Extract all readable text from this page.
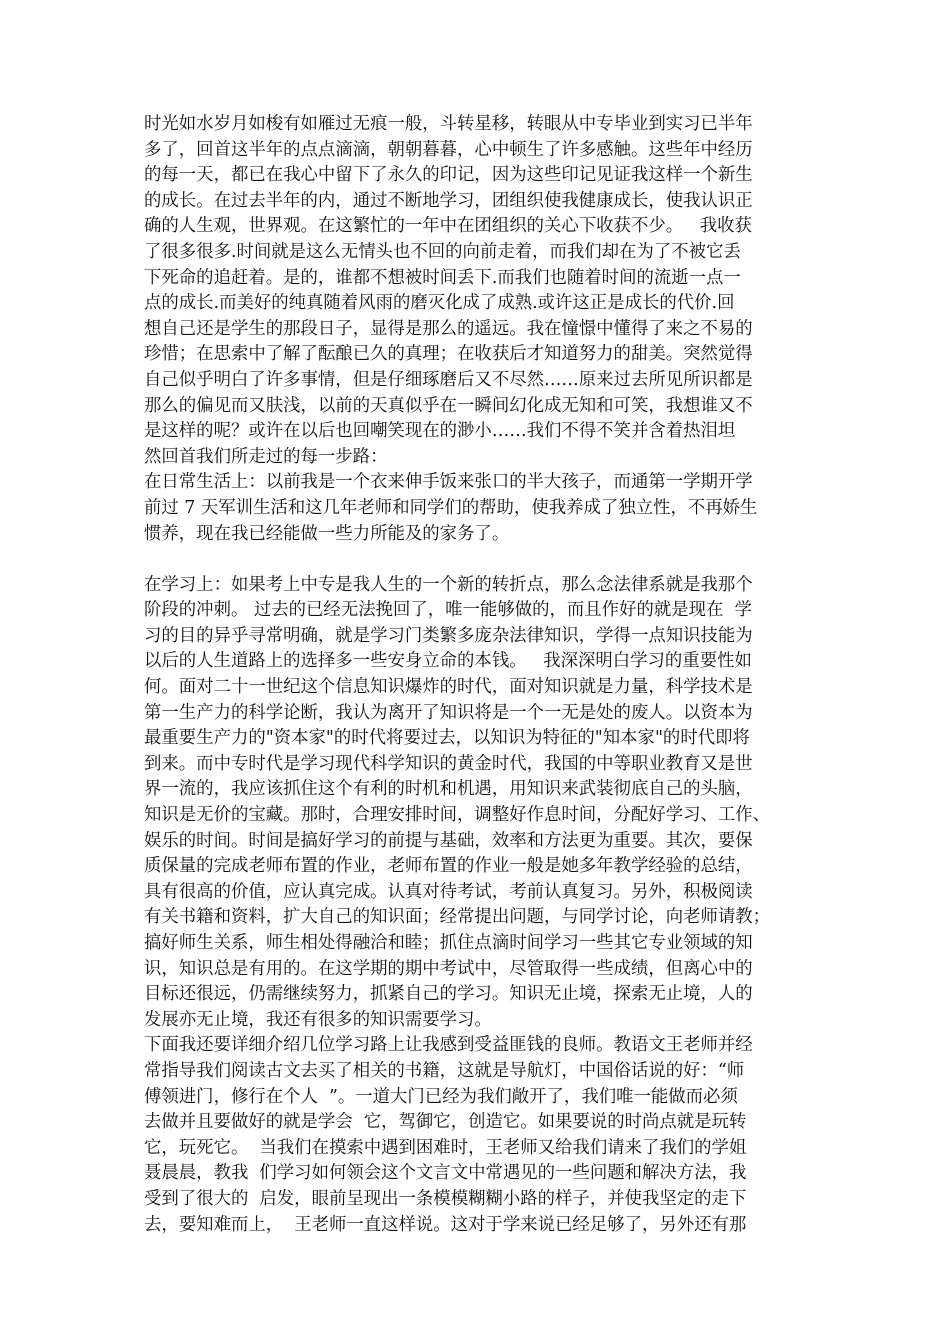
时光如水岁月如梭有如雁过无痕一般，斗转星移，转眼从中专毕业到实习已半年
多了，回首这半年的点点滴滴，朝朝暮暮，心中顿生了许多感触。这些年中经历
的每一天，都已在我心中留下了永久的印记，因为这些印记见证我这样一个新生
的成长。在过去半年的内，通过不断地学习，团组织使我健康成长，使我认识正
确的人生观，世界观。在这繁忙的一年中在团组织的关心下收获不少。   我收获
了很多很多.时间就是这么无情头也不回的向前走着，而我们却在为了不被它丢
下死命的追赶着。是的，谁都不想被时间丢下.而我们也随着时间的流逝一点一
点的成长.而美好的纯真随着风雨的磨灭化成了成熟.或许这正是成长的代价.回
想自己还是学生的那段日子，显得是那么的遥远。我在憧憬中懂得了来之不易的
珍惜；在思索中了解了酝酿已久的真理；在收获后才知道努力的甜美。突然觉得
自己似乎明白了许多事情，但是仔细琢磨后又不尽然……原来过去所见所识都是
那么的偏见而又肤浅，以前的天真似乎在一瞬间幻化成无知和可笑，我想谁又不
是这样的呢？或许在以后也回嘲笑现在的渺小……我们不得不笑并含着热泪坦
然回首我们所走过的每一步路：
在日常生活上：以前我是一个衣来伸手饭来张口的半大孩子，而通第一学期开学
前过 7 天军训生活和这几年老师和同学们的帮助，使我养成了独立性，不再娇生
惯养，现在我已经能做一些力所能及的家务了。
在学习上：如果考上中专是我人生的一个新的转折点，那么念法律系就是我那个
阶段的冲刺。 过去的已经无法挽回了，唯一能够做的，而且作好的就是现在  学
习的目的异乎寻常明确，就是学习门类繁多庞杂法律知识，学得一点知识技能为
以后的人生道路上的选择多一些安身立命的本钱。   我深深明白学习的重要性如
何。面对二十一世纪这个信息知识爆炸的时代，面对知识就是力量，科学技术是
第一生产力的科学论断，我认为离开了知识将是一个一无是处的废人。以资本为
最重要生产力的"资本家"的时代将要过去，以知识为特征的"知本家"的时代即将
到来。而中专时代是学习现代科学知识的黄金时代，我国的中等职业教育又是世
界一流的，我应该抓住这个有利的时机和机遇，用知识来武装彻底自己的头脑，
知识是无价的宝藏。那时，合理安排时间，调整好作息时间，分配好学习、工作、
娱乐的时间。时间是搞好学习的前提与基础，效率和方法更为重要。其次，要保
质保量的完成老师布置的作业，老师布置的作业一般是她多年教学经验的总结，
具有很高的价值，应认真完成。认真对待考试，考前认真复习。另外，积极阅读
有关书籍和资料，扩大自己的知识面；经常提出问题，与同学讨论，向老师请教；
搞好师生关系，师生相处得融洽和睦；抓住点滴时间学习一些其它专业领域的知
识，知识总是有用的。在这学期的期中考试中，尽管取得一些成绩，但离心中的
目标还很远，仍需继续努力，抓紧自己的学习。知识无止境，探索无止境，人的
发展亦无止境，我还有很多的知识需要学习。
下面我还要详细介绍几位学习路上让我感到受益匪钱的良师。教语文王老师并经
常指导我们阅读古文去买了相关的书籍，这就是导航灯，中国俗话说的好：“师
傅领进门，修行在个人  ”。一道大门已经为我们敞开了，我们唯一能做而必须
去做并且要做好的就是学会  它，驾御它，创造它。如果要说的时尚点就是玩转
它，玩死它。  当我们在摸索中遇到困难时，王老师又给我们请来了我们的学姐
聂晨晨，教我  们学习如何领会这个文言文中常遇见的一些问题和解决方法，我
受到了很大的  启发，眼前呈现出一条模模糊糊小路的样子，并使我坚定的走下
去，要知难而上，  王老师一直这样说。这对于学来说已经足够了，另外还有那
